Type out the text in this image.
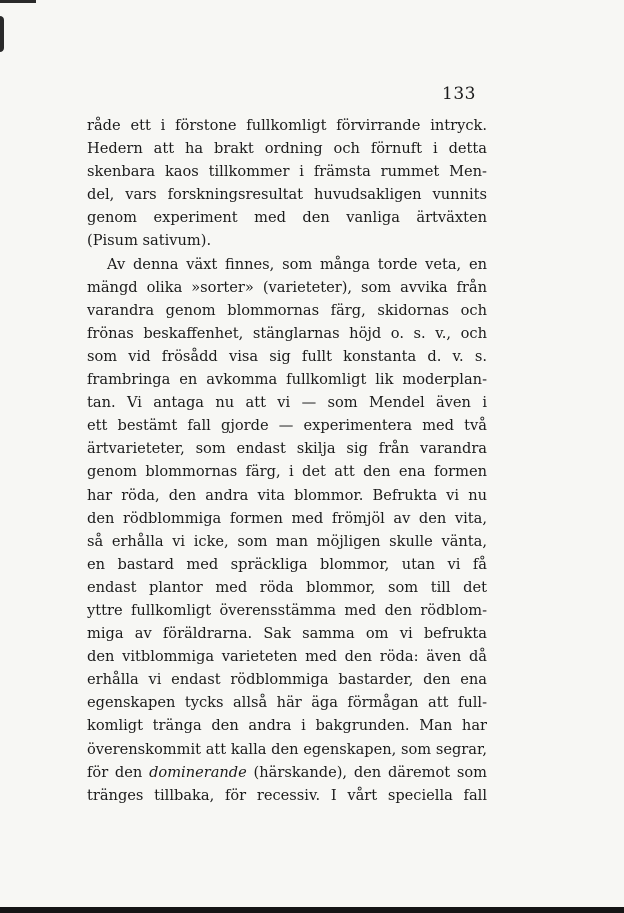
133
råde ett i förstone fullkomligt förvirrande intryck.
Hedern att ha brakt ordning och förnuft i detta
skenbara kaos tillkommer i främsta rummet Men-
del, vars forskningsresultat huvudsakligen vunnits
genom experiment med den vanliga ärtväxten
(Pisum sativum).
Av denna växt finnes, som många torde veta, en
mängd olika »sorter» (varieteter), som avvika från
varandra genom blommornas färg, skidornas och
frönas beskaffenhet, stänglarnas höjd o. s. v., och
som vid frösådd visa sig fullt konstanta d. v. s.
frambringa en avkomma fullkomligt lik moderplan-
tan. Vi antaga nu att vi — som Mendel även i
ett bestämt fall gjorde — experimentera med två
ärtvarieteter, som endast skilja sig från varandra
genom blommornas färg, i det att den ena formen
har röda, den andra vita blommor. Befrukta vi nu
den rödblommiga formen med frömjöl av den vita,
så erhålla vi icke, som man möjligen skulle vänta,
en bastard med spräckliga blommor, utan vi få
endast plantor med röda blommor, som till det
yttre fullkomligt överensstämma med den rödblom-
miga av föräldrarna. Sak samma om vi befrukta
den vitblommiga varieteten med den röda: även då
erhålla vi endast rödblommiga bastarder, den ena
egenskapen tycks allså här äga förmågan att full-
komligt tränga den andra i bakgrunden. Man har
överenskommit att kalla den egenskapen, som segrar,
för den dominerande (härskande), den däremot som
tränges tillbaka, för recessiv. I vårt speciella fall
